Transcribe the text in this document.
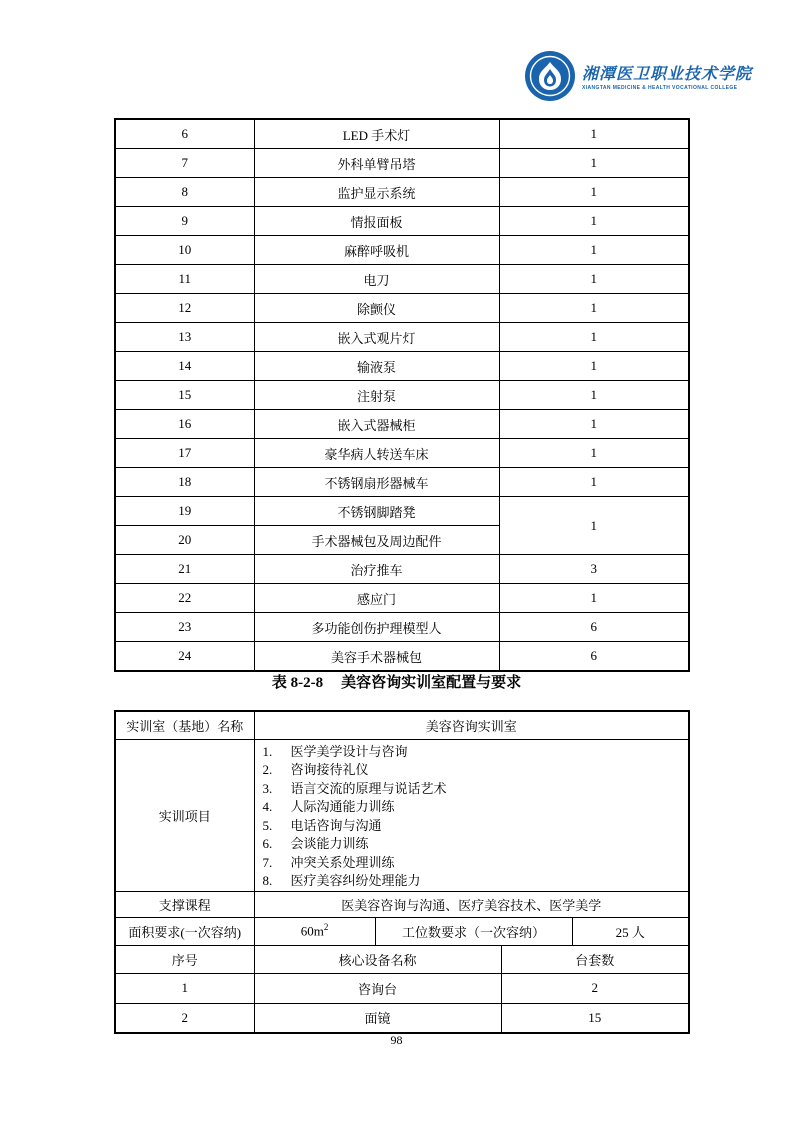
湘潭医卫职业技术学院
XIANGTAN MEDICINE & HEALTH VOCATIONAL COLLEGE
6	LED 手术灯	1
7	外科单臂吊塔	1
8	监护显示系统	1
9	情报面板	1
10	麻醉呼吸机	1
11	电刀	1
12	除颤仪	1
13	嵌入式观片灯	1
14	输液泵	1
15	注射泵	1
16	嵌入式器械柜	1
17	豪华病人转送车床	1
18	不锈钢扇形器械车	1
19	不锈钢脚踏凳	1
20	手术器械包及周边配件	
21	治疗推车	3
22	感应门	1
23	多功能创伤护理模型人	6
24	美容手术器械包	6
表 8-2-8 美容咨询实训室配置与要求
实训室（基地）名称	美容咨询实训室			
实训项目	
1. 医学美学设计与咨询
2. 咨询接待礼仪
3. 语言交流的原理与说话艺术
4. 人际沟通能力训练
5. 电话咨询与沟通
6. 会谈能力训练
7. 冲突关系处理训练
8. 医疗美容纠纷处理能力

支撑课程	医美容咨询与沟通、医疗美容技术、医学美学			
面积要求(一次容纳)	$60m^2$	工位数要求（一次容纳）		25 人
序号	核心设备名称		台套数	
1	咨询台		2	
2	面镜		15	
98
